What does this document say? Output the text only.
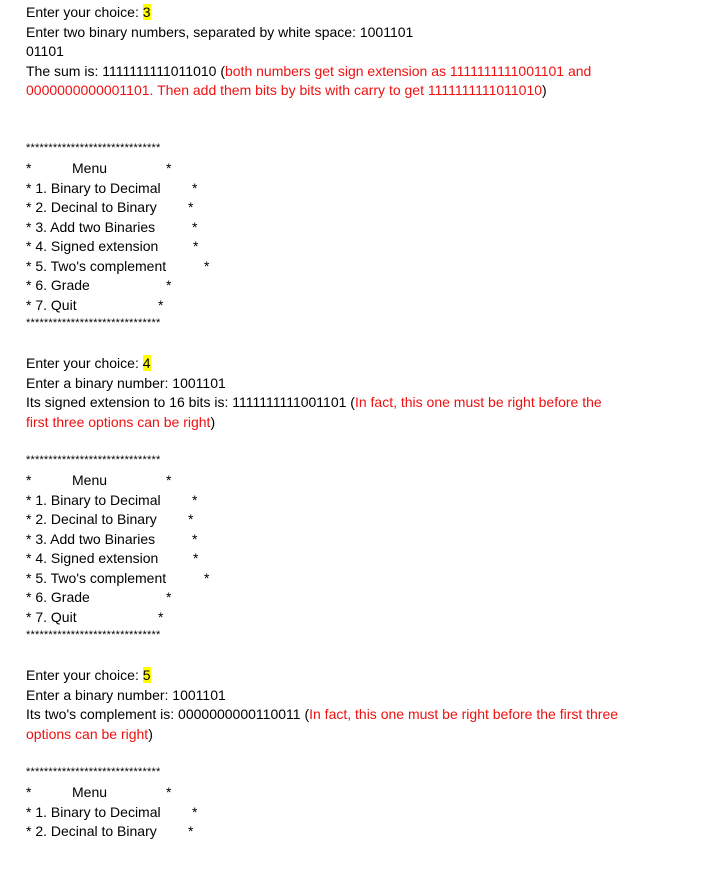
Enter your choice: 3
Enter two binary numbers, separated by white space: 1001101
01101
The sum is: 1111111111011010 (both numbers get sign extension as 1111111111001101 and
0000000000001101. Then add them bits by bits with carry to get 1111111111011010)
******************************
*	Menu	*
* 1. Binary to Decimal *
* 2. Decinal to Binary *
* 3. Add two Binaries	*
* 4. Signed extension *
* 5. Two's complement	*
* 6. Grade	*
* 7. Quit	*
******************************
Enter your choice: 4
Enter a binary number: 1001101
Its signed extension to 16 bits is: 1111111111001101 (In fact, this one must be right before the
first three options can be right)
******************************
*	Menu	*
* 1. Binary to Decimal *
* 2. Decinal to Binary *
* 3. Add two Binaries	*
* 4. Signed extension *
* 5. Two's complement	*
* 6. Grade	*
* 7. Quit	*
******************************
Enter your choice: 5
Enter a binary number: 1001101
Its two's complement is: 0000000000110011 (In fact, this one must be right before the first three
options can be right)
******************************
*	Menu	*
* 1. Binary to Decimal *
* 2. Decinal to Binary *
